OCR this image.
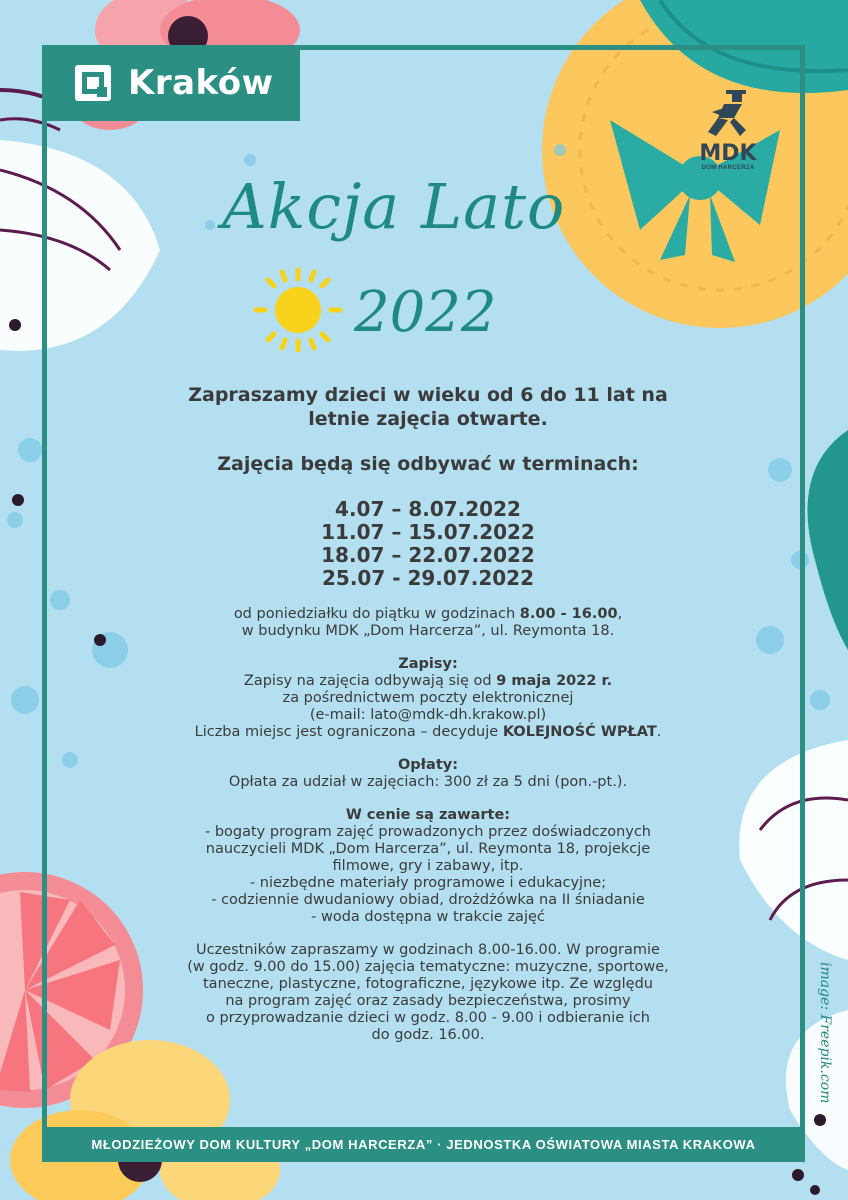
Kraków
MDK
DOM HARCERZA
Akcja Lato
2022
Zapraszamy dzieci w wieku od 6 do 11 lat na
letnie zajęcia otwarte.
Zajęcia będą się odbywać w terminach:
4.07 – 8.07.2022
11.07 – 15.07.2022
18.07 – 22.07.2022
25.07 - 29.07.2022
od poniedziałku do piątku w godzinach 8.00 - 16.00,
w budynku MDK „Dom Harcerza”, ul. Reymonta 18.
Zapisy:
Zapisy na zajęcia odbywają się od 9 maja 2022 r.
za pośrednictwem poczty elektronicznej
(e-mail: lato@mdk-dh.krakow.pl)
Liczba miejsc jest ograniczona – decyduje KOLEJNOŚĆ WPŁAT.
Opłaty:
Opłata za udział w zajęciach: 300 zł za 5 dni (pon.-pt.).
W cenie są zawarte:
- bogaty program zajęć prowadzonych przez doświadczonych
nauczycieli MDK „Dom Harcerza”, ul. Reymonta 18, projekcje
filmowe, gry i zabawy, itp.
- niezbędne materiały programowe i edukacyjne;
- codziennie dwudaniowy obiad, drożdżówka na II śniadanie
- woda dostępna w trakcie zajęć
Uczestników zapraszamy w godzinach 8.00-16.00. W programie
(w godz. 9.00 do 15.00) zajęcia tematyczne: muzyczne, sportowe,
taneczne, plastyczne, fotograficzne, językowe itp. Ze względu
na program zajęć oraz zasady bezpieczeństwa, prosimy
o przyprowadzanie dzieci w godz. 8.00 - 9.00 i odbieranie ich
do godz. 16.00.
MŁODZIEŻOWY DOM KULTURY „DOM HARCERZA” · JEDNOSTKA OŚWIATOWA MIASTA KRAKOWA
image: Freepik.com
